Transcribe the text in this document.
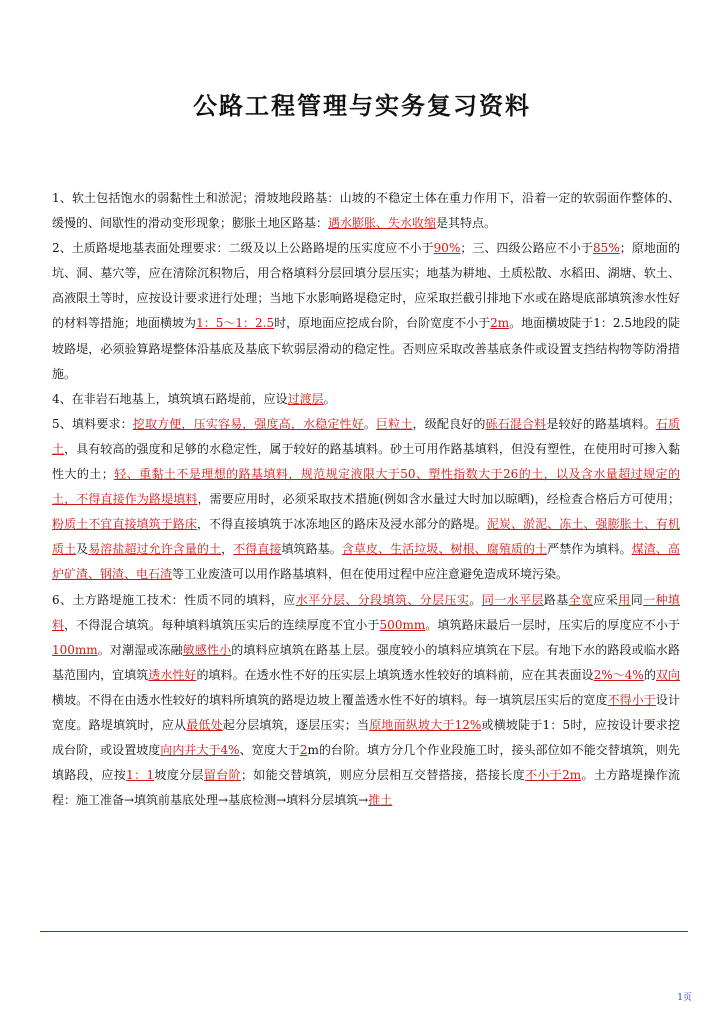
公路工程管理与实务复习资料

1、软土包括饱水的弱黏性土和淤泥；滑坡地段路基：山坡的不稳定土体在重力作用下，沿着一定的软弱面作整体的、缓慢的、间歇性的滑动变形现象；膨胀土地区路基：遇水膨胀、失水收缩是其特点。

2、土质路堤地基表面处理要求：二级及以上公路路堤的压实度应不小于90%；三、四级公路应不小于85%；原地面的坑、洞、墓穴等，应在清除沉积物后，用合格填料分层回填分层压实；地基为耕地、土质松散、水稻田、湖塘、软土、高液限土等时，应按设计要求进行处理；当地下水影响路堤稳定时，应采取拦截引排地下水或在路堤底部填筑渗水性好的材料等措施；地面横坡为1：5～1：2.5时，原地面应挖成台阶，台阶宽度不小于2m。地面横坡陡于1：2.5地段的陡坡路堤，必须验算路堤整体沿基底及基底下软弱层滑动的稳定性。否则应采取改善基底条件或设置支挡结构物等防滑措施。

4、在非岩石地基上，填筑填石路堤前，应设过渡层。

5、填料要求：挖取方便，压实容易，强度高，水稳定性好。巨粒土，级配良好的砾石混合料是较好的路基填料。石质土，具有较高的强度和足够的水稳定性，属于较好的路基填料。砂土可用作路基填料，但没有塑性，在使用时可掺入黏性大的土；轻、重黏土不是理想的路基填料，规范规定液限大于50、塑性指数大于26的土，以及含水量超过规定的土，不得直接作为路堤填料，需要应用时，必须采取技术措施(例如含水量过大时加以晾晒)，经检查合格后方可使用；粉质土不宜直接填筑于路床，不得直接填筑于冰冻地区的路床及浸水部分的路堤。泥炭、淤泥、冻土、强膨胀土、有机质土及易溶盐超过允许含量的土，不得直接填筑路基。含草皮、生活垃圾、树根、腐殖质的土严禁作为填料。煤渣、高炉矿渣、钢渣、电石渣等工业废渣可以用作路基填料，但在使用过程中应注意避免造成环境污染。

6、土方路堤施工技术：性质不同的填料，应水平分层、分段填筑、分层压实。同一水平层路基全宽应采用同一种填料，不得混合填筑。每种填料填筑压实后的连续厚度不宜小于500mm。填筑路床最后一层时，压实后的厚度应不小于100mm。对潮湿或冻融敏感性小的填料应填筑在路基上层。强度较小的填料应填筑在下层。有地下水的路段或临水路基范围内，宜填筑透水性好的填料。在透水性不好的压实层上填筑透水性较好的填料前，应在其表面设2%～4%的双向横坡。不得在由透水性较好的填料所填筑的路堤边坡上覆盖透水性不好的填料。每一填筑层压实后的宽度不得小于设计宽度。路堤填筑时，应从最低处起分层填筑，逐层压实；当原地面纵坡大于12%或横坡陡于1：5时，应按设计要求挖成台阶，或设置坡度向内并大于4%、宽度大于2m的台阶。填方分几个作业段施工时，接头部位如不能交替填筑，则先填路段，应按1：1坡度分层留台阶；如能交替填筑，则应分层相互交替搭接，搭接长度不小于2m。土方路堤操作流程：施工准备→填筑前基底处理→基底检测→填料分层填筑→推土

1页
